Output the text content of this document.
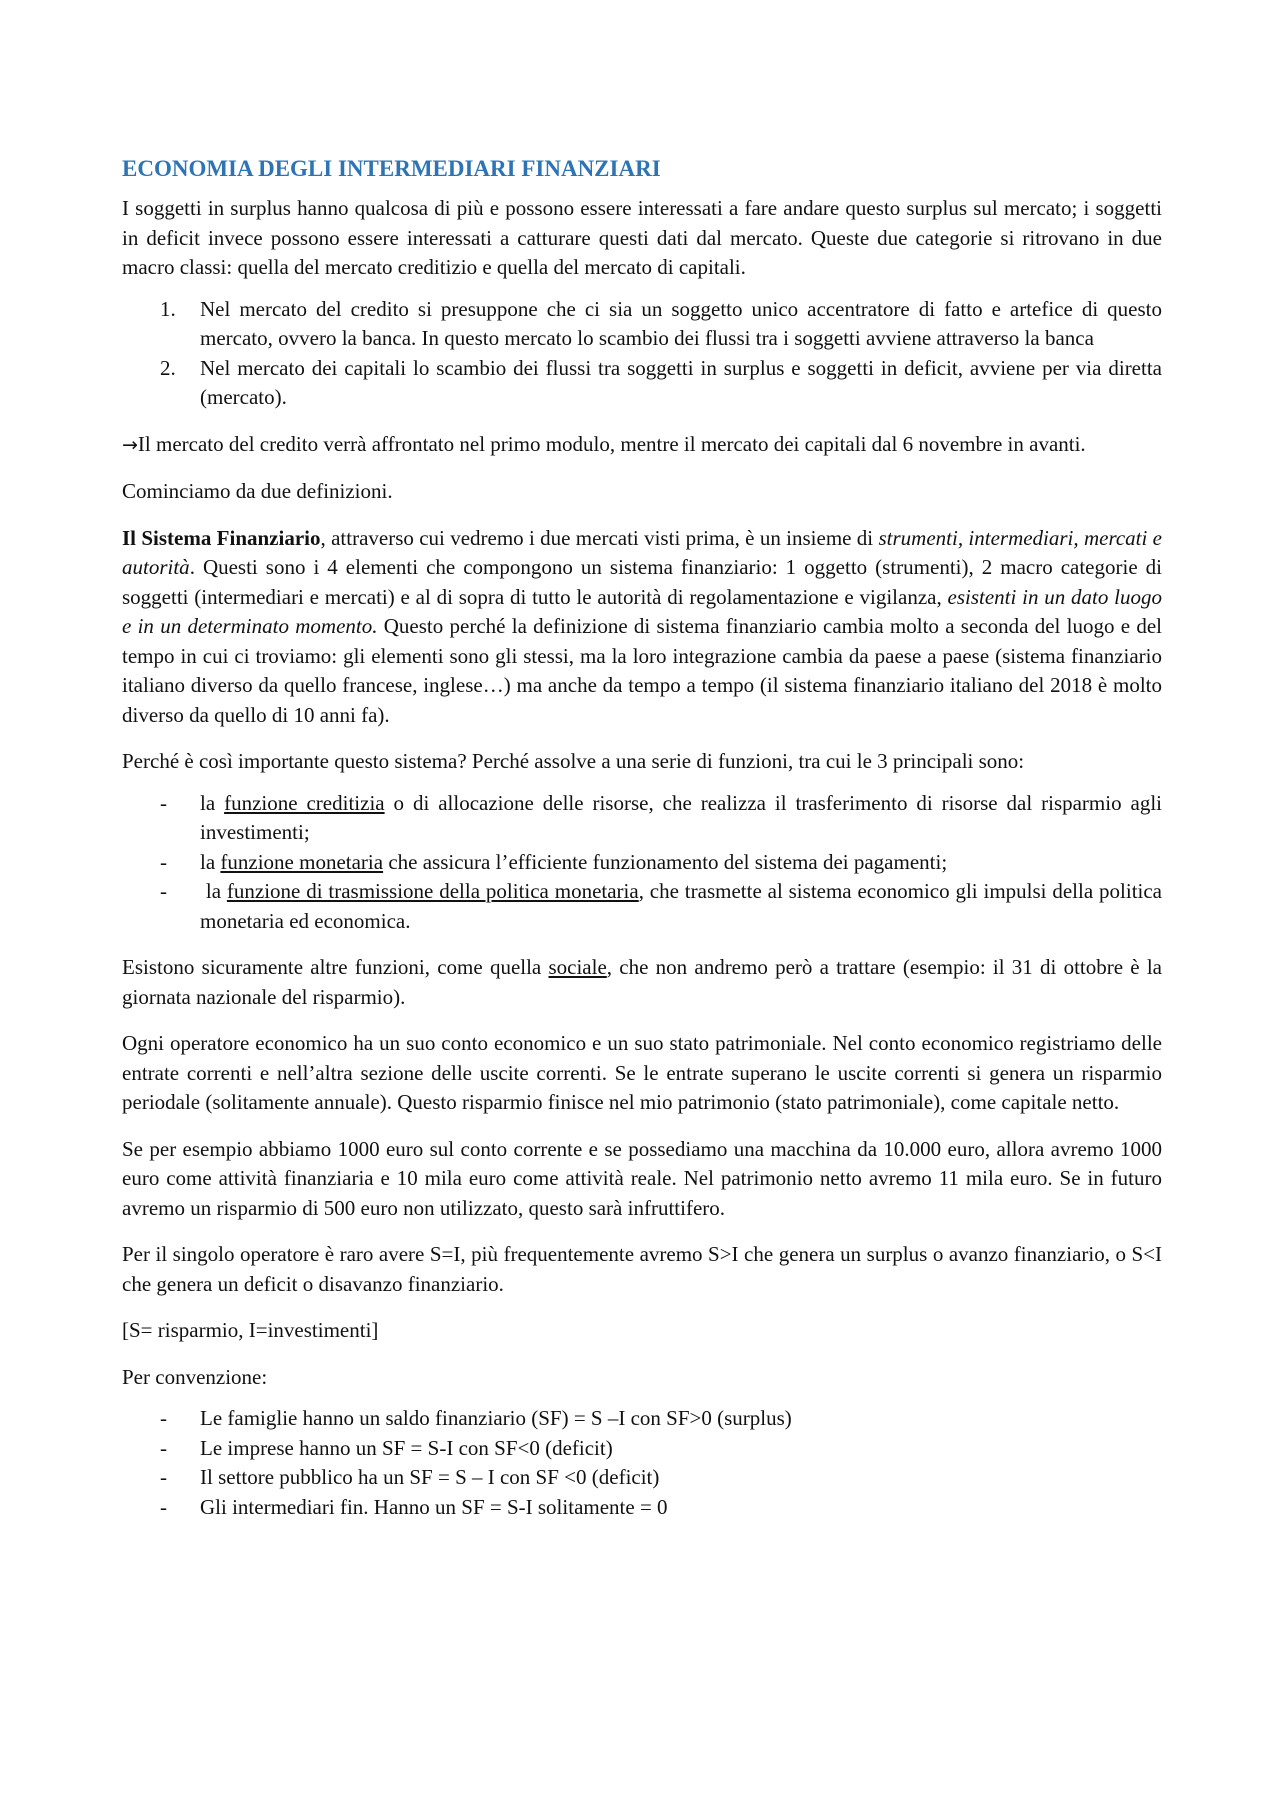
ECONOMIA DEGLI INTERMEDIARI FINANZIARI

I soggetti in surplus hanno qualcosa di più e possono essere interessati a fare andare questo surplus sul mercato; i soggetti in deficit invece possono essere interessati a catturare questi dati dal mercato. Queste due categorie si ritrovano in due macro classi: quella del mercato creditizio e quella del mercato di capitali.

1. Nel mercato del credito si presuppone che ci sia un soggetto unico accentratore di fatto e artefice di questo mercato, ovvero la banca. In questo mercato lo scambio dei flussi tra i soggetti avviene attraverso la banca
2. Nel mercato dei capitali lo scambio dei flussi tra soggetti in surplus e soggetti in deficit, avviene per via diretta (mercato).

→Il mercato del credito verrà affrontato nel primo modulo, mentre il mercato dei capitali dal 6 novembre in avanti.

Cominciamo da due definizioni.

Il Sistema Finanziario, attraverso cui vedremo i due mercati visti prima, è un insieme di strumenti, intermediari, mercati e autorità. Questi sono i 4 elementi che compongono un sistema finanziario: 1 oggetto (strumenti), 2 macro categorie di soggetti (intermediari e mercati) e al di sopra di tutto le autorità di regolamentazione e vigilanza, esistenti in un dato luogo e in un determinato momento. Questo perché la definizione di sistema finanziario cambia molto a seconda del luogo e del tempo in cui ci troviamo: gli elementi sono gli stessi, ma la loro integrazione cambia da paese a paese (sistema finanziario italiano diverso da quello francese, inglese…) ma anche da tempo a tempo (il sistema finanziario italiano del 2018 è molto diverso da quello di 10 anni fa).

Perché è così importante questo sistema? Perché assolve a una serie di funzioni, tra cui le 3 principali sono:

- la funzione creditizia o di allocazione delle risorse, che realizza il trasferimento di risorse dal risparmio agli investimenti;
- la funzione monetaria che assicura l’efficiente funzionamento del sistema dei pagamenti;
- la funzione di trasmissione della politica monetaria, che trasmette al sistema economico gli impulsi della politica monetaria ed economica.

Esistono sicuramente altre funzioni, come quella sociale, che non andremo però a trattare (esempio: il 31 di ottobre è la giornata nazionale del risparmio).

Ogni operatore economico ha un suo conto economico e un suo stato patrimoniale. Nel conto economico registriamo delle entrate correnti e nell’altra sezione delle uscite correnti. Se le entrate superano le uscite correnti si genera un risparmio periodale (solitamente annuale). Questo risparmio finisce nel mio patrimonio (stato patrimoniale), come capitale netto.

Se per esempio abbiamo 1000 euro sul conto corrente e se possediamo una macchina da 10.000 euro, allora avremo 1000 euro come attività finanziaria e 10 mila euro come attività reale. Nel patrimonio netto avremo 11 mila euro. Se in futuro avremo un risparmio di 500 euro non utilizzato, questo sarà infruttifero.

Per il singolo operatore è raro avere S=I, più frequentemente avremo S>I che genera un surplus o avanzo finanziario, o S<I che genera un deficit o disavanzo finanziario.

[S= risparmio, I=investimenti]

Per convenzione:

- Le famiglie hanno un saldo finanziario (SF) = S –I con SF>0 (surplus)
- Le imprese hanno un SF = S-I con SF<0 (deficit)
- Il settore pubblico ha un SF = S – I con SF <0 (deficit)
- Gli intermediari fin. Hanno un SF = S-I solitamente = 0
